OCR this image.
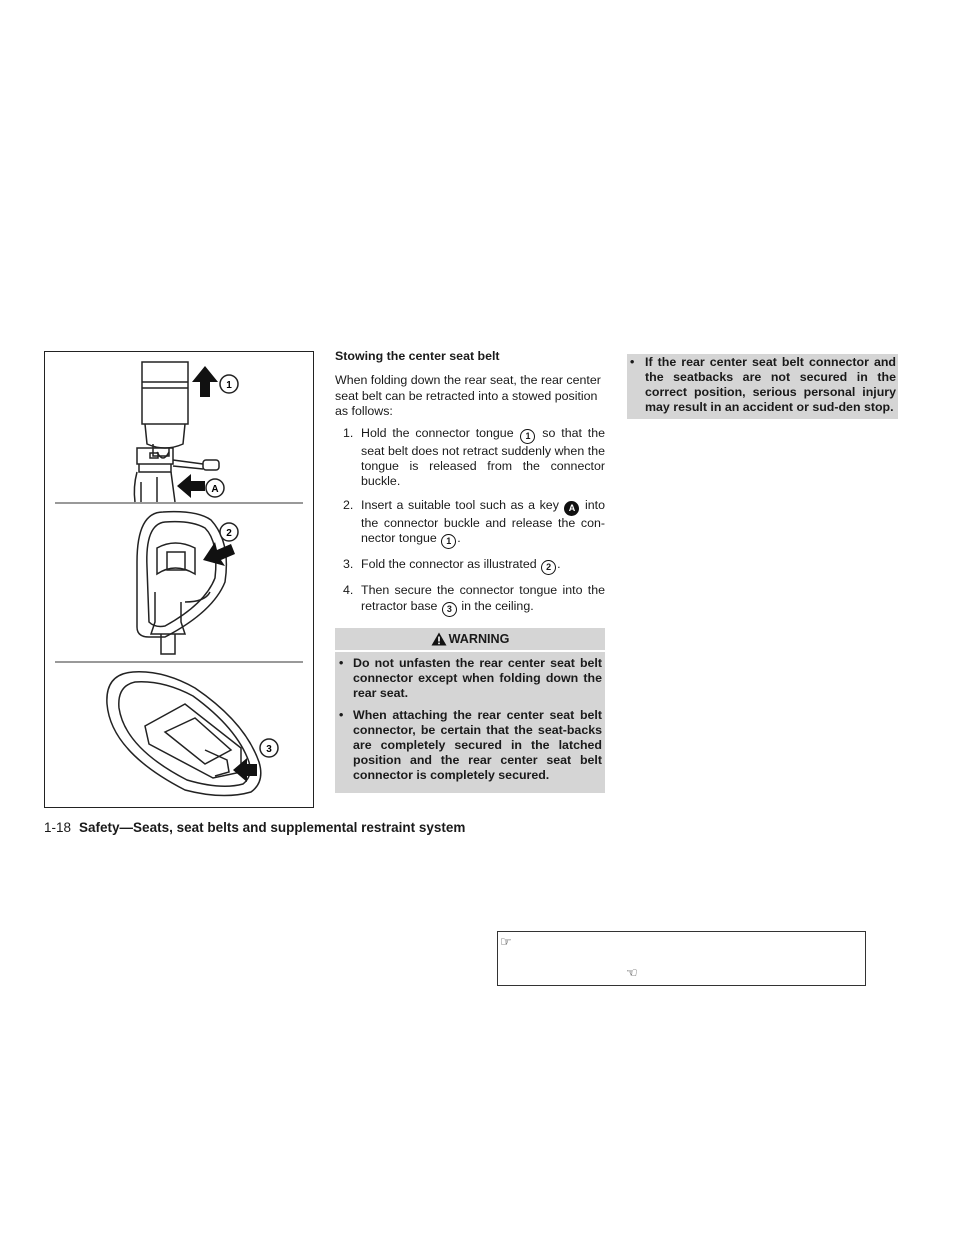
1
A
2
3

Stowing the center seat belt

When folding down the rear seat, the rear center seat belt can be retracted into a stowed position as follows:

1. Hold the connector tongue 1 so that the seat belt does not retract suddenly when the tongue is released from the connector buckle.
2. Insert a suitable tool such as a key A into the connector buckle and release the con-nector tongue 1 .
3. Fold the connector as illustrated 2 .
4. Then secure the connector tongue into the retractor base 3 in the ceiling.
WARNING
• Do not unfasten the rear center seat belt connector except when folding down the rear seat.
• When attaching the rear center seat belt connector, be certain that the seat-backs are completely secured in the latched position and the rear center seat belt connector is completely secured.
• If the rear center seat belt connector and the seatbacks are not secured in the correct position, serious personal injury may result in an accident or sud-den stop.
1-18 Safety—Seats, seat belts and supplemental restraint system
☞
☜
